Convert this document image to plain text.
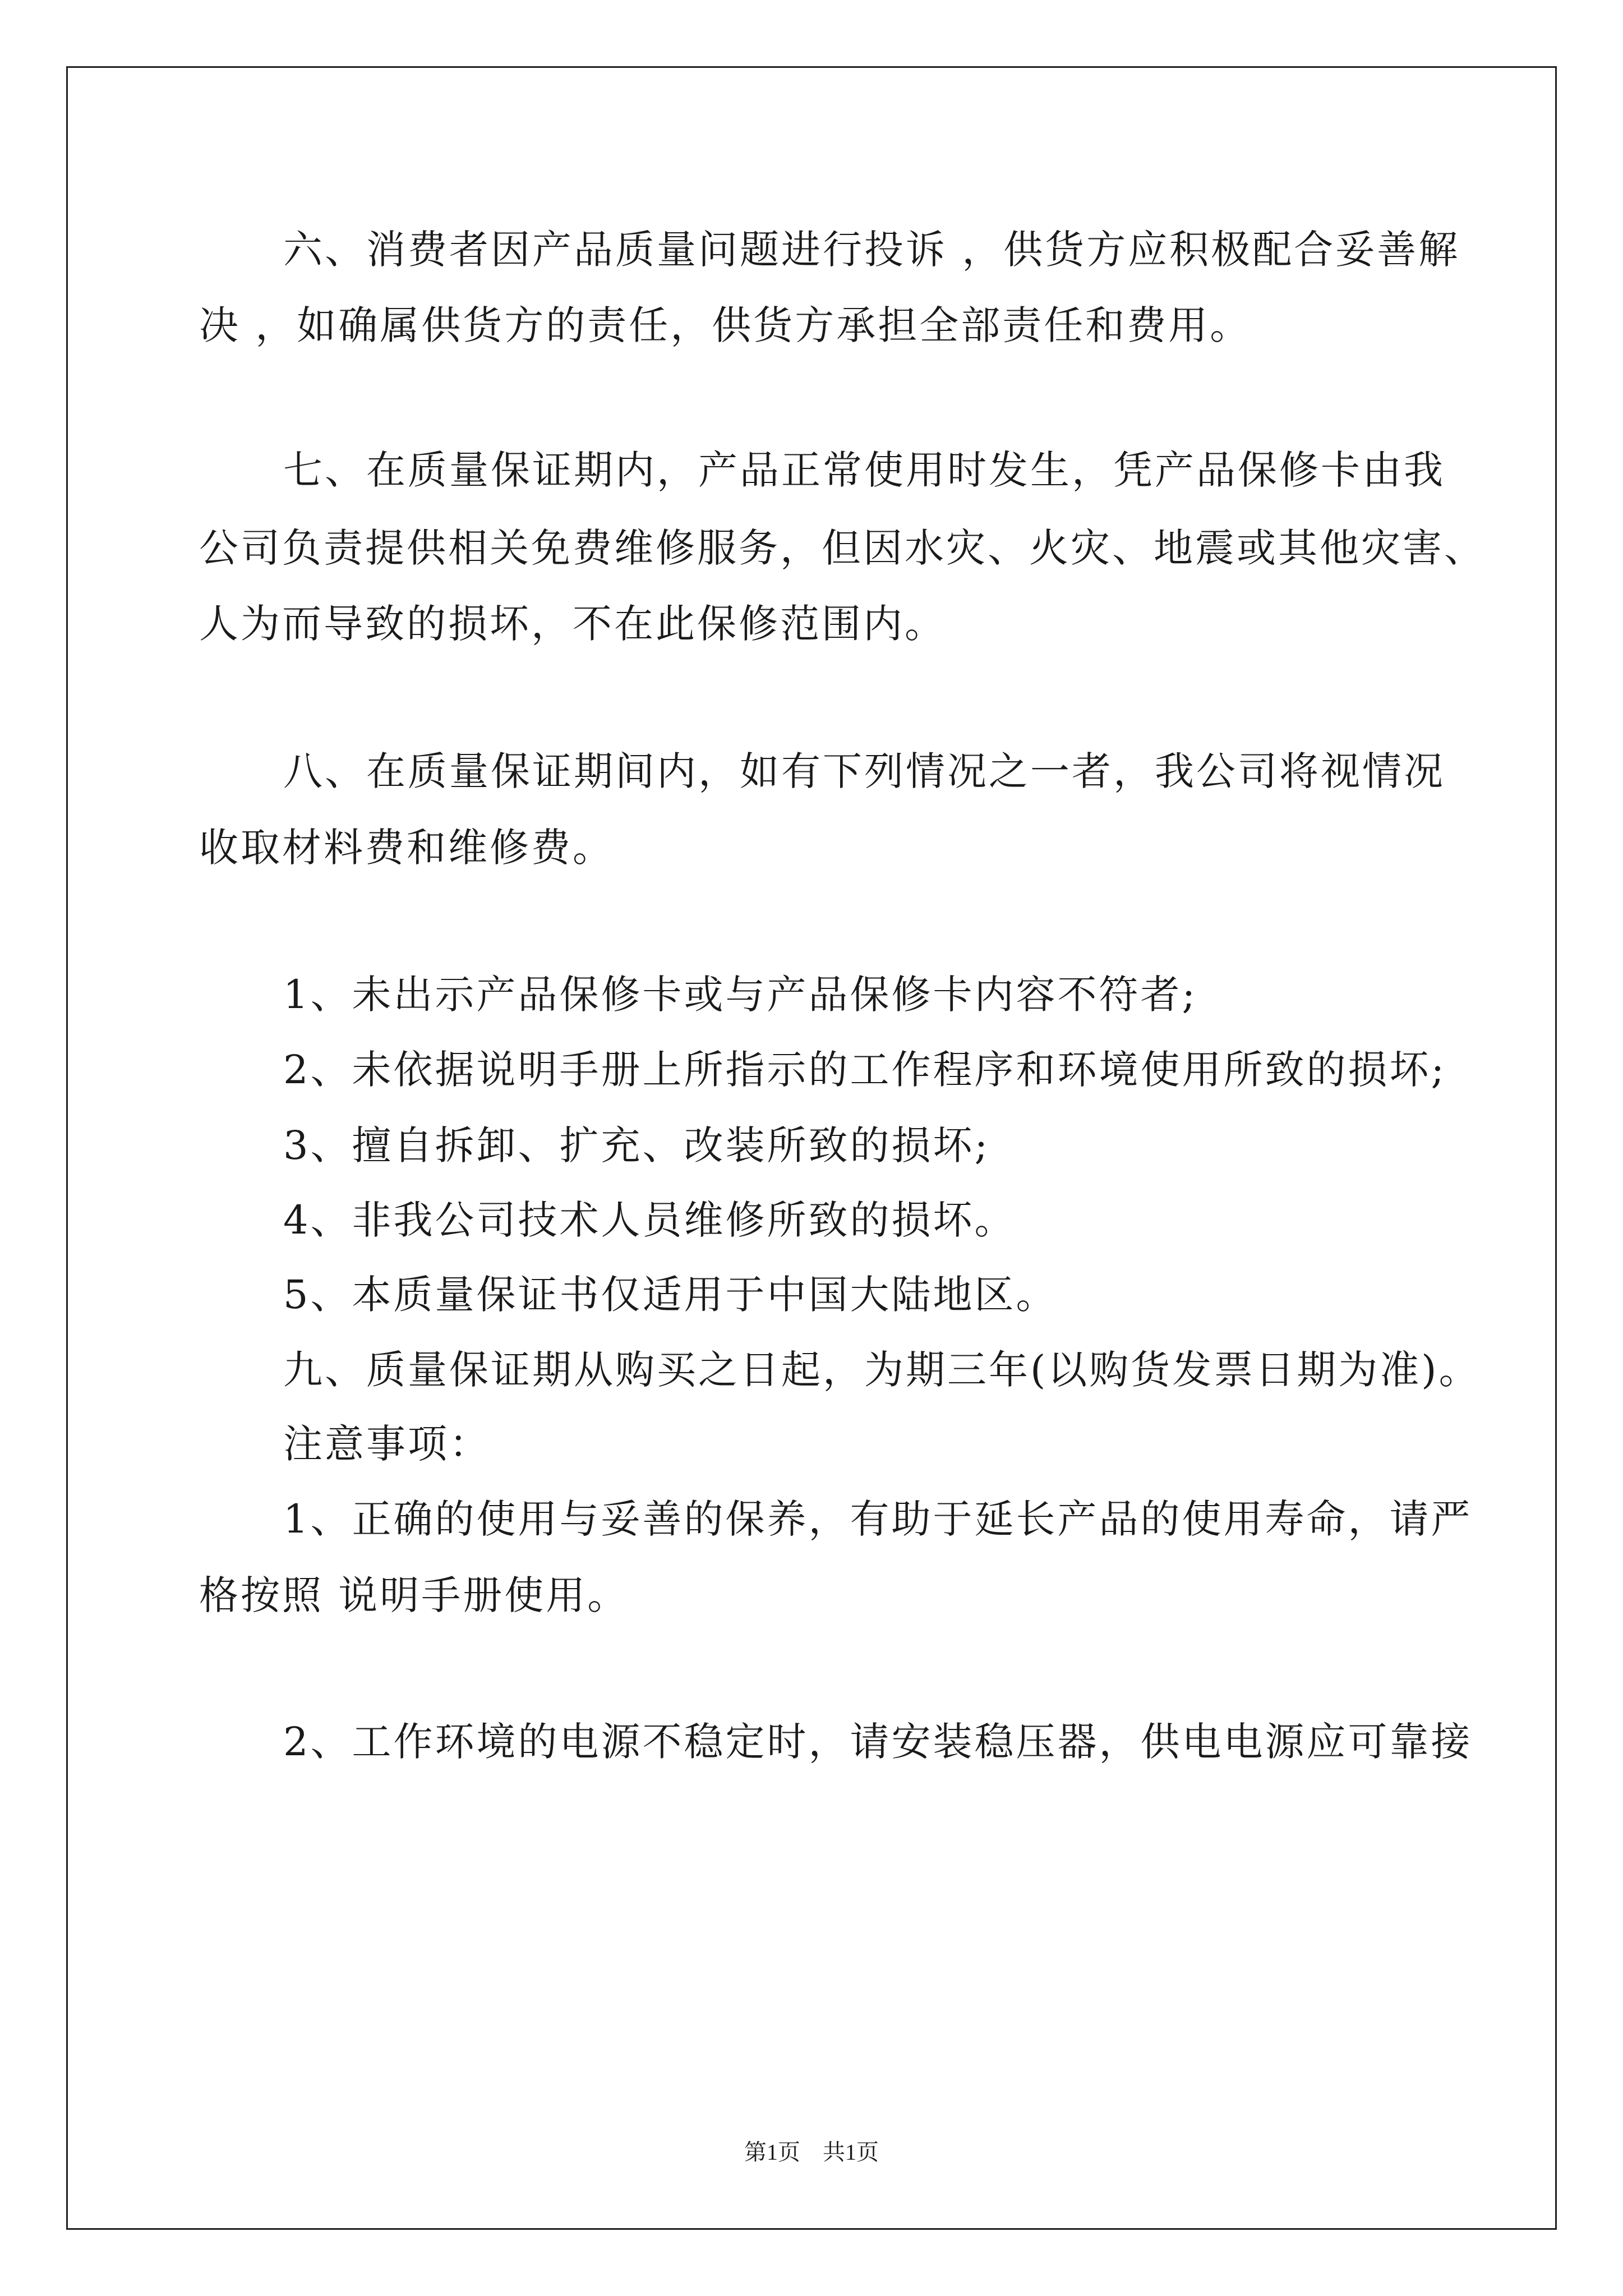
六、消费者因产品质量问题进行投诉 ，供货方应积极配合妥善解
决 ，如确属供货方的责任，供货方承担全部责任和费用。
七、在质量保证期内，产品正常使用时发生，凭产品保修卡由我
公司负责提供相关免费维修服务，但因水灾、火灾、地震或其他灾害、
人为而导致的损坏，不在此保修范围内。
八、在质量保证期间内，如有下列情况之一者，我公司将视情况
收取材料费和维修费。
1、未出示产品保修卡或与产品保修卡内容不符者;
2、未依据说明手册上所指示的工作程序和环境使用所致的损坏;
3、擅自拆卸、扩充、改装所致的损坏;
4、非我公司技术人员维修所致的损坏。
5、本质量保证书仅适用于中国大陆地区。
九、质量保证期从购买之日起，为期三年(以购货发票日期为准)。
注意事项：
1、正确的使用与妥善的保养，有助于延长产品的使用寿命，请严
格按照 说明手册使用。
2、工作环境的电源不稳定时，请安装稳压器，供电电源应可靠接
第1页　共1页
